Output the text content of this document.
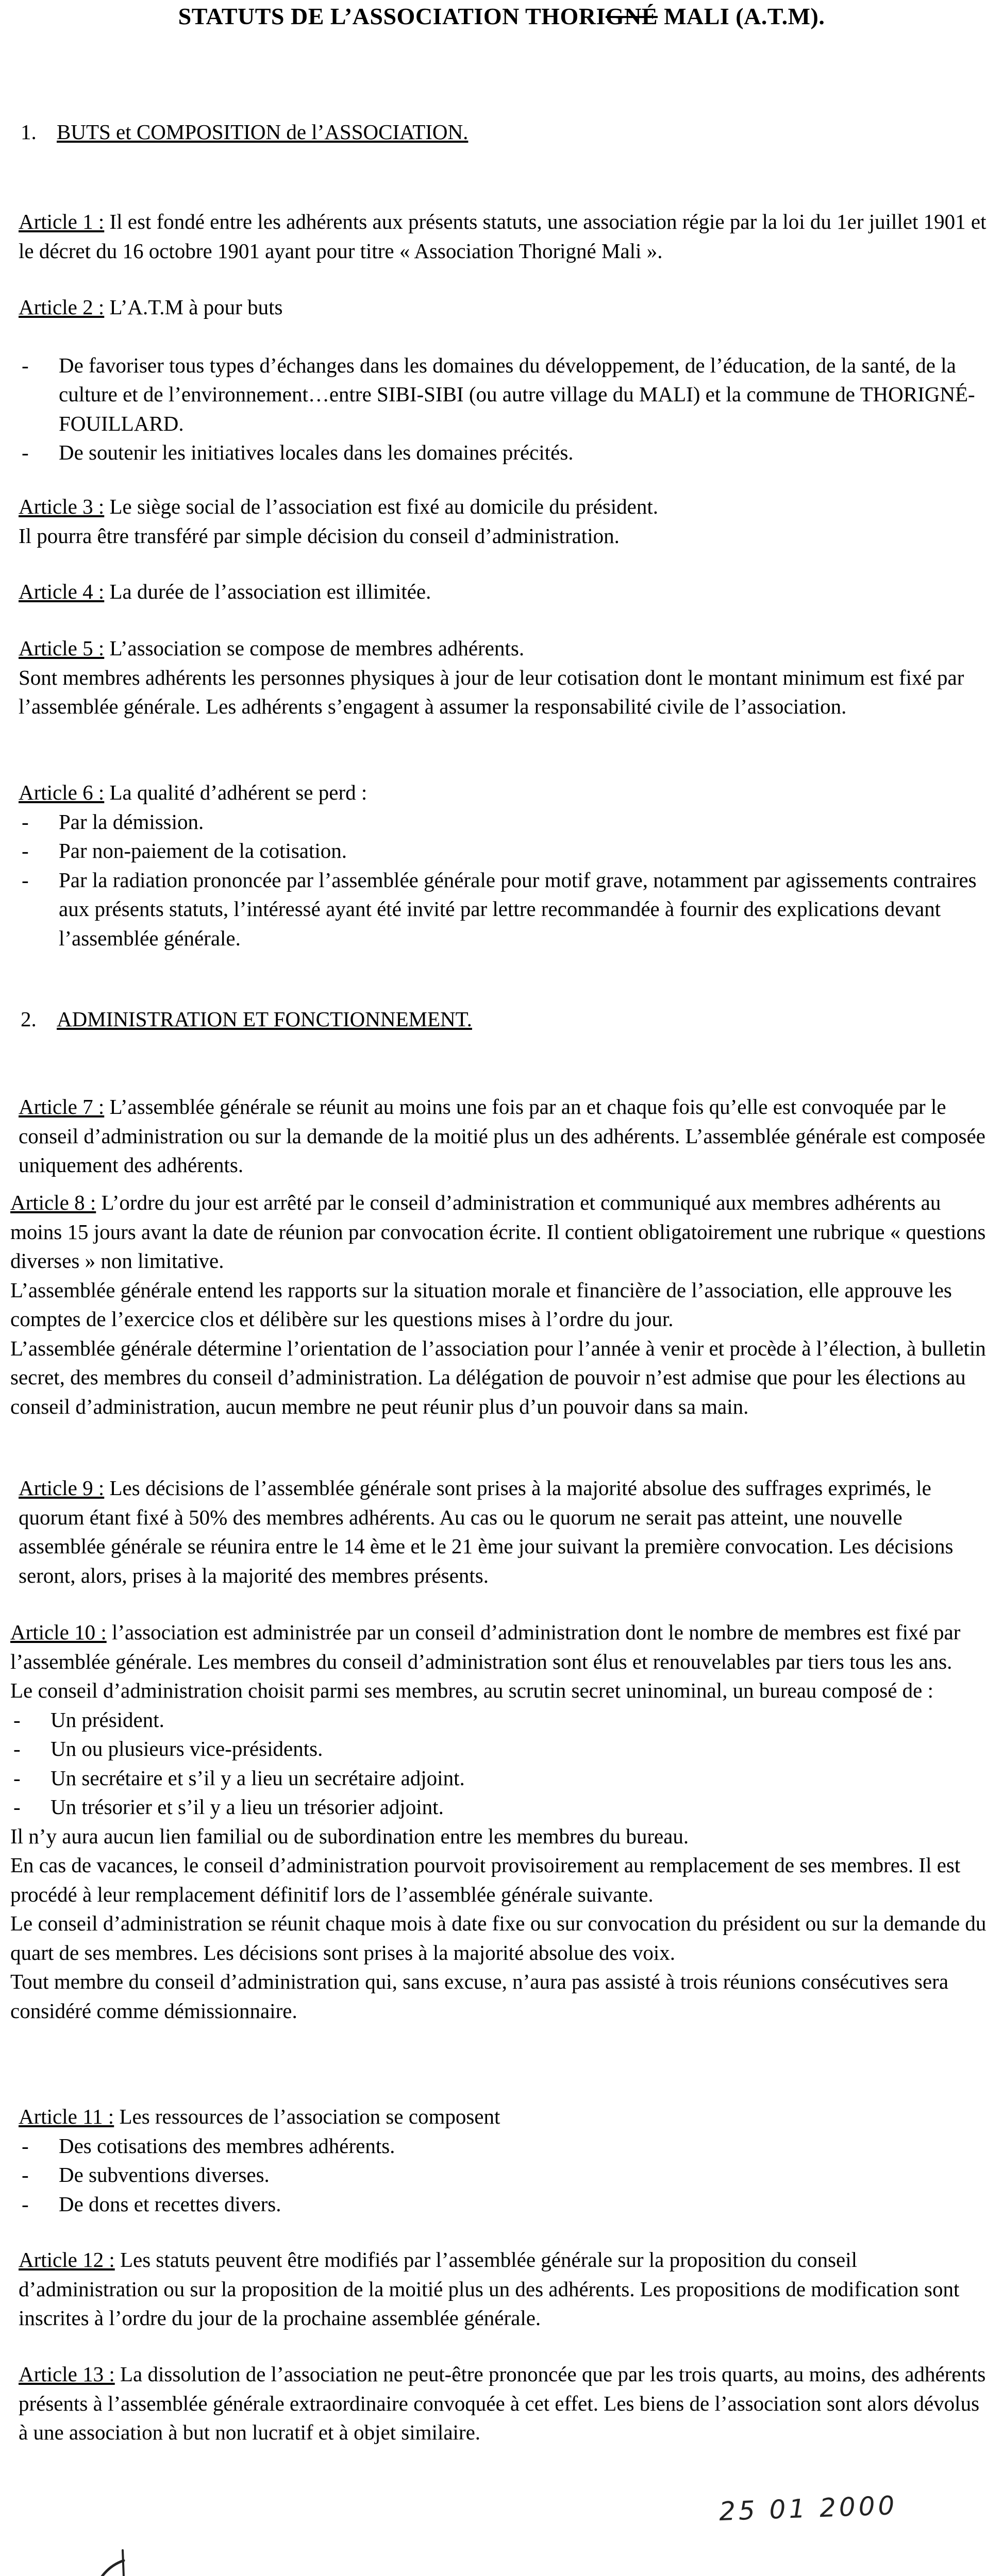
STATUTS DE L’ASSOCIATION THORIGNÉ MALI (A.T.M).
1. BUTS et COMPOSITION de l’ASSOCIATION.
Article 1 : Il est fondé entre les adhérents aux présents statuts, une association régie par la loi du 1er juillet 1901 et le décret du 16 octobre 1901 ayant pour titre « Association Thorigné Mali ».
Article 2 : L’A.T.M à pour buts
- De favoriser tous types d’échanges dans les domaines du développement, de l’éducation, de la santé, de la culture et de l’environnement…entre SIBI-SIBI (ou autre village du MALI) et la commune de THORIGNÉ-FOUILLARD.
- De soutenir les initiatives locales dans les domaines précités.
Article 3 : Le siège social de l’association est fixé au domicile du président.
Il pourra être transféré par simple décision du conseil d’administration.
Article 4 : La durée de l’association est illimitée.
Article 5 : L’association se compose de membres adhérents.
Sont membres adhérents les personnes physiques à jour de leur cotisation dont le montant minimum est fixé par l’assemblée générale. Les adhérents s’engagent à assumer la responsabilité civile de l’association.
Article 6 : La qualité d’adhérent se perd :
- Par la démission.
- Par non-paiement de la cotisation.
- Par la radiation prononcée par l’assemblée générale pour motif grave, notamment par agissements contraires aux présents statuts, l’intéressé ayant été invité par lettre recommandée à fournir des explications devant l’assemblée générale.
2. ADMINISTRATION ET FONCTIONNEMENT.
Article 7 : L’assemblée générale se réunit au moins une fois par an et chaque fois qu’elle est convoquée par le conseil d’administration ou sur la demande de la moitié plus un des adhérents. L’assemblée générale est composée uniquement des adhérents.
Article 8 : L’ordre du jour est arrêté par le conseil d’administration et communiqué aux membres adhérents au moins 15 jours avant la date de réunion par convocation écrite. Il contient obligatoirement une rubrique « questions diverses » non limitative.
L’assemblée générale entend les rapports sur la situation morale et financière de l’association, elle approuve les comptes de l’exercice clos et délibère sur les questions mises à l’ordre du jour.
L’assemblée générale détermine l’orientation de l’association pour l’année à venir et procède à l’élection, à bulletin secret, des membres du conseil d’administration. La délégation de pouvoir n’est admise que pour les élections au conseil d’administration, aucun membre ne peut réunir plus d’un pouvoir dans sa main.
Article 9 : Les décisions de l’assemblée générale sont prises à la majorité absolue des suffrages exprimés, le quorum étant fixé à 50% des membres adhérents. Au cas ou le quorum ne serait pas atteint, une nouvelle assemblée générale se réunira entre le 14 ème et le 21 ème jour suivant la première convocation. Les décisions seront, alors, prises à la majorité des membres présents.
Article 10 : l’association est administrée par un conseil d’administration dont le nombre de membres est fixé par l’assemblée générale. Les membres du conseil d’administration sont élus et renouvelables par tiers tous les ans.
Le conseil d’administration choisit parmi ses membres, au scrutin secret uninominal, un bureau composé de :
- Un président.
- Un ou plusieurs vice-présidents.
- Un secrétaire et s’il y a lieu un secrétaire adjoint.
- Un trésorier et s’il y a lieu un trésorier adjoint.
Il n’y aura aucun lien familial ou de subordination entre les membres du bureau.
En cas de vacances, le conseil d’administration pourvoit provisoirement au remplacement de ses membres. Il est procédé à leur remplacement définitif lors de l’assemblée générale suivante.
Le conseil d’administration se réunit chaque mois à date fixe ou sur convocation du président ou sur la demande du quart de ses membres. Les décisions sont prises à la majorité absolue des voix.
Tout membre du conseil d’administration qui, sans excuse, n’aura pas assisté à trois réunions consécutives sera considéré comme démissionnaire.
Article 11 : Les ressources de l’association se composent
- Des cotisations des membres adhérents.
- De subventions diverses.
- De dons et recettes divers.
Article 12 : Les statuts peuvent être modifiés par l’assemblée générale sur la proposition du conseil d’administration ou sur la proposition de la moitié plus un des adhérents. Les propositions de modification sont inscrites à l’ordre du jour de la prochaine assemblée générale.
Article 13 : La dissolution de l’association ne peut-être prononcée que par les trois quarts, au moins, des adhérents présents à l’assemblée générale extraordinaire convoquée à cet effet. Les biens de l’association sont alors dévolus à une association à but non lucratif et à objet similaire.
25 01 2000
